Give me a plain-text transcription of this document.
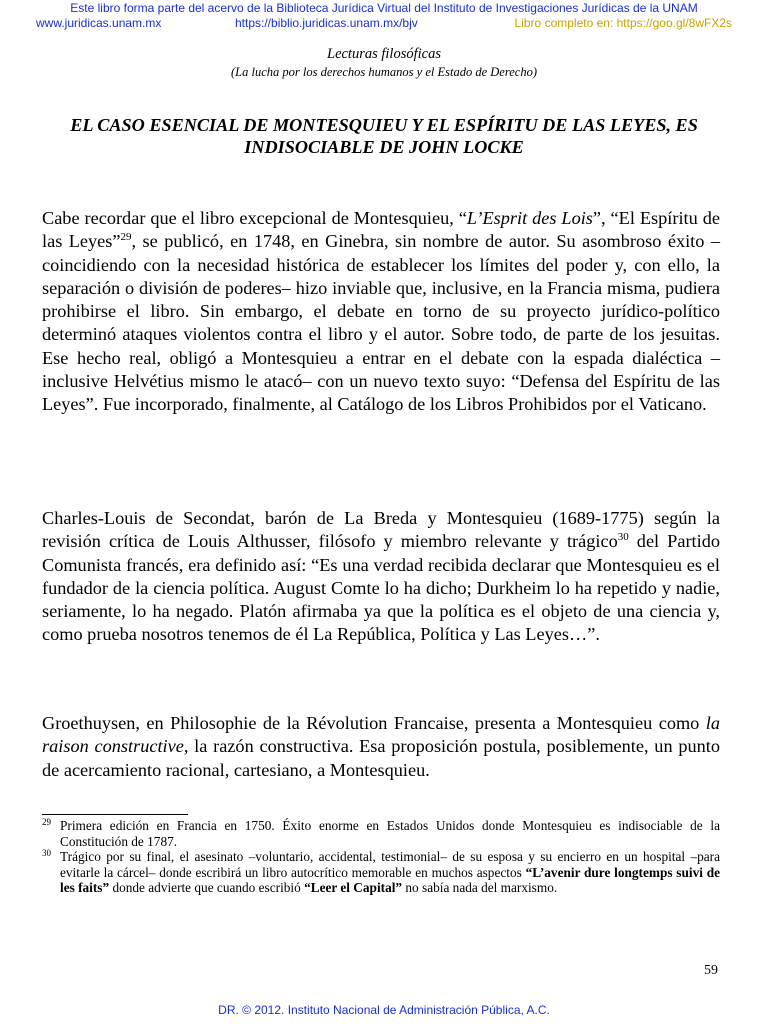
Este libro forma parte del acervo de la Biblioteca Jurídica Virtual del Instituto de Investigaciones Jurídicas de la UNAM
www.juridicas.unam.mx	https://biblio.juridicas.unam.mx/bjv	Libro completo en: https://goo.gl/8wFX2s
Lecturas filosóficas
(La lucha por los derechos humanos y el Estado de Derecho)
EL CASO ESENCIAL DE MONTESQUIEU Y EL ESPÍRITU DE LAS LEYES, ES INDISOCIABLE DE JOHN LOCKE

Cabe recordar que el libro excepcional de Montesquieu, “L’Esprit des Lois”, “El Espíritu de las Leyes”$^{29}$, se publicó, en 1748, en Ginebra, sin nombre de autor. Su asombroso éxito –coincidiendo con la necesidad histórica de establecer los límites del poder y, con ello, la separación o división de poderes– hizo inviable que, inclusive, en la Francia misma, pudiera prohibirse el libro. Sin embargo, el debate en torno de su proyecto jurídico-político determinó ataques violentos contra el libro y el autor. Sobre todo, de parte de los jesuitas. Ese hecho real, obligó a Montesquieu a entrar en el debate con la espada dialéctica –inclusive Helvétius mismo le atacó– con un nuevo texto suyo: “Defensa del Espíritu de las Leyes”. Fue incorporado, finalmente, al Catálogo de los Libros Prohibidos por el Vaticano.

Charles-Louis de Secondat, barón de La Breda y Montesquieu (1689-1775) según la revisión crítica de Louis Althusser, filósofo y miembro relevante y trágico$^{30}$ del Partido Comunista francés, era definido así: “Es una verdad recibida declarar que Montesquieu es el fundador de la ciencia política. August Comte lo ha dicho; Durkheim lo ha repetido y nadie, seriamente, lo ha negado. Platón afirmaba ya que la política es el objeto de una ciencia y, como prueba nosotros tenemos de él La República, Política y Las Leyes…”.

Groethuysen, en Philosophie de la Révolution Francaise, presenta a Montesquieu como la raison constructive, la razón constructiva. Esa proposición postula, posiblemente, un punto de acercamiento racional, cartesiano, a Montesquieu.

29 Primera edición en Francia en 1750. Éxito enorme en Estados Unidos donde Montesquieu es indisociable de la Constitución de 1787.
30 Trágico por su final, el asesinato –voluntario, accidental, testimonial– de su esposa y su encierro en un hospital –para evitarle la cárcel– donde escribirá un libro autocrítico memorable en muchos aspectos “L’avenir dure longtemps suivi de les faits” donde advierte que cuando escribió “Leer el Capital” no sabía nada del marxismo.
59
DR. © 2012. Instituto Nacional de Administración Pública, A.C.
